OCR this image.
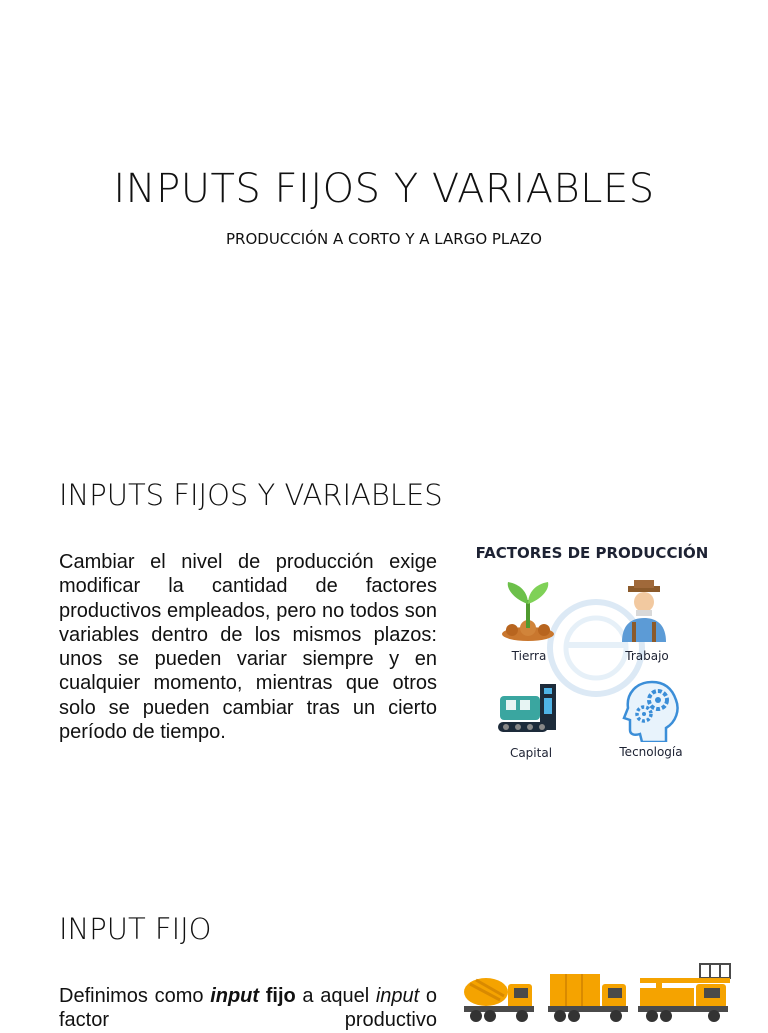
INPUTS FIJOS Y VARIABLES
PRODUCCIÓN A CORTO Y A LARGO PLAZO
INPUTS FIJOS Y VARIABLES
Cambiar el nivel de producción exige modificar la cantidad de factores productivos empleados, pero no todos son variables dentro de los mismos plazos: unos se pueden variar siempre y en cualquier momento, mientras que otros solo se pueden cambiar tras un cierto período de tiempo.
FACTORES DE PRODUCCIÓN
Tierra	Trabajo
Capital	Tecnología
INPUT FIJO
Definimos como input fijo a aquel input o factor productivo
